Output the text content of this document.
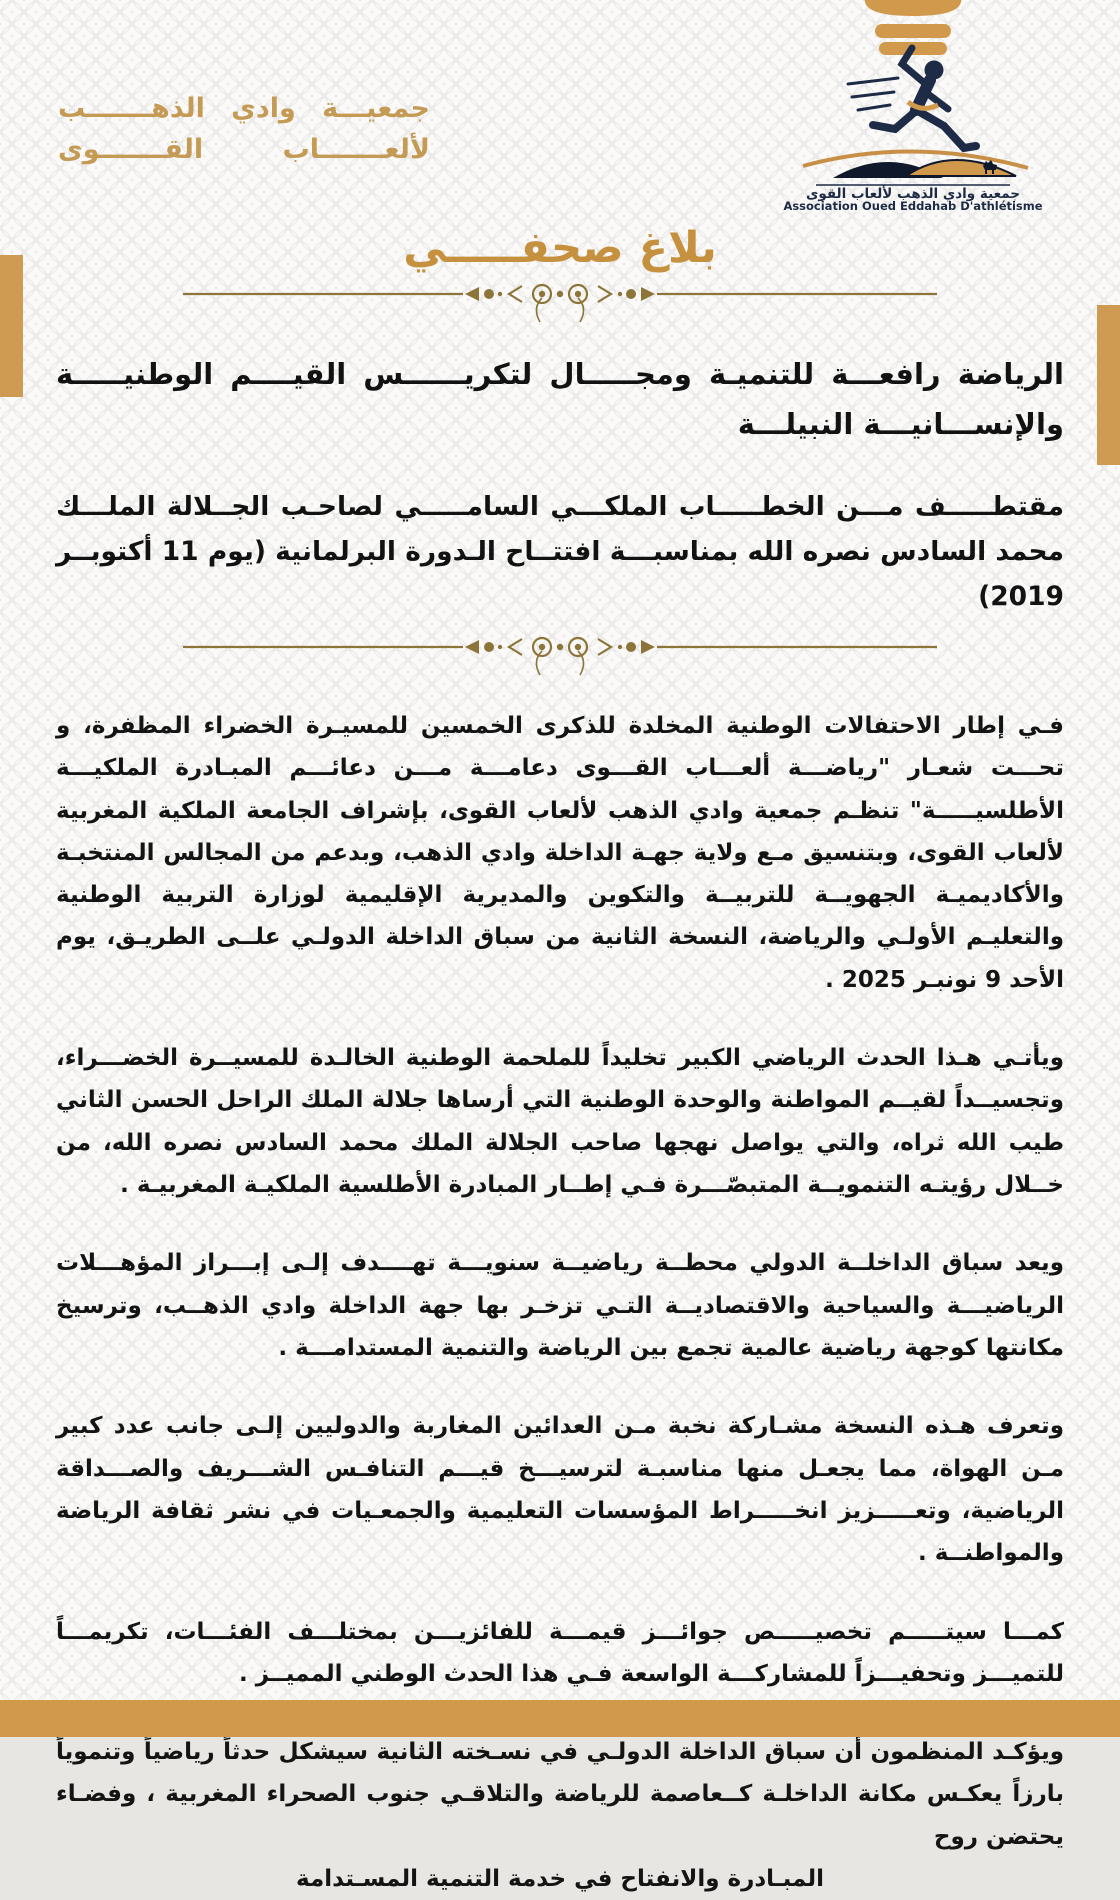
جمعيـــة وادي الذهـــــــب
لألعـــــــاب القـــــــوى
جمعية وادي الذهب لألعاب القوى
Association Oued Eddahab D'athlétisme
بلاغ صحفـــــي
الرياضة رافعـــة للتنميـة ومجـــــال لتكريــــــس القيــــم الوطنيـــــة
والإنســـانيـــة النبيلـــة
مقتطـــــف مـــن الخطـــــاب الملكـــي السامـــــي لصاحـب الجــلالة الملـــك
محمد السادس نصره الله بمناسبـــة افتتــاح الـدورة البرلمانية (يوم 11 أكتوبــر 2019)

فـي إطار الاحتفالات الوطنية المخلدة للذكرى الخمسين للمسيـرة الخضراء المظفرة، و تحـــت شعـار "رياضـــة ألعـــاب القـــوى دعامـــة مـــن دعائـــم المبـادرة الملكيـــة الأطلسيـــــة" تنظـم جمعية وادي الذهب لألعاب القوى، بإشراف الجامعة الملكية المغربية لألعاب القوى، وبتنسيق مـع ولاية جهـة الداخلة وادي الذهب، وبدعم من المجالس المنتخبـة والأكاديميـة الجهويــة للتربيــة والتكوين والمديرية الإقليمية لوزارة التربية الوطنية والتعليـم الأولـي والرياضة، النسخة الثانية من سباق الداخلة الدولـي علــى الطريـق، يوم الأحد 9 نونبـر 2025 .

ويأتـي هـذا الحدث الرياضي الكبير تخليداً للملحمة الوطنية الخالـدة للمسيــرة الخضـــراء، وتجسيــداً لقيــم المواطنة والوحدة الوطنية التي أرساها جلالة الملك الراحل الحسن الثاني طيب الله ثراه، والتي يواصل نهجها صاحب الجلالة الملك محمد السادس نصره الله، من خــلال رؤيتـه التنمويــة المتبصّـــرة فـي إطــار المبادرة الأطلسية الملكيـة المغربيـة .

ويعد سباق الداخلــة الدولي محطــة رياضيــة سنويـــة تهــــدف إلـى إبـــراز المؤهـــلات الرياضيـــة والسياحية والاقتصاديــة التـي تزخـر بها جهة الداخلة وادي الذهــب، وترسيخ مكانتها كوجهة رياضية عالمية تجمع بين الرياضة والتنمية المستدامـــة .

وتعرف هـذه النسخة مشـاركة نخبة مـن العدائين المغاربة والدوليين إلـى جانب عدد كبير مـن الهواة، مما يجعـل منها مناسبـة لترسيـــخ قيـــم التنافـس الشـــريف والصـــداقة الرياضية، وتعـــــزيز انخـــــراط المؤسسات التعليمية والجمعـيات في نشر ثقافة الرياضة والمواطنــة .

كمـــا سيتـــــم تخصيـــــص جوائـــز قيمـــة للفائزيـــن بمختلـــف الفئـــات، تكريمـــاً للتميـــز وتحفيـــزاً للمشاركـــة الواسعة فـي هذا الحدث الوطني المميــز .

ويؤكـد المنظمون أن سباق الداخلة الدولـي في نسـخته الثانية سيشكل حدثاً رياضياً وتنموياً بارزاً يعكـس مكانة الداخلـة كــعاصمة للرياضة والتلاقـي جنوب الصحراء المغربية ، وفضـاء يحتضن روح

المبـادرة والانفتاح في خدمة التنمية المسـتدامة
